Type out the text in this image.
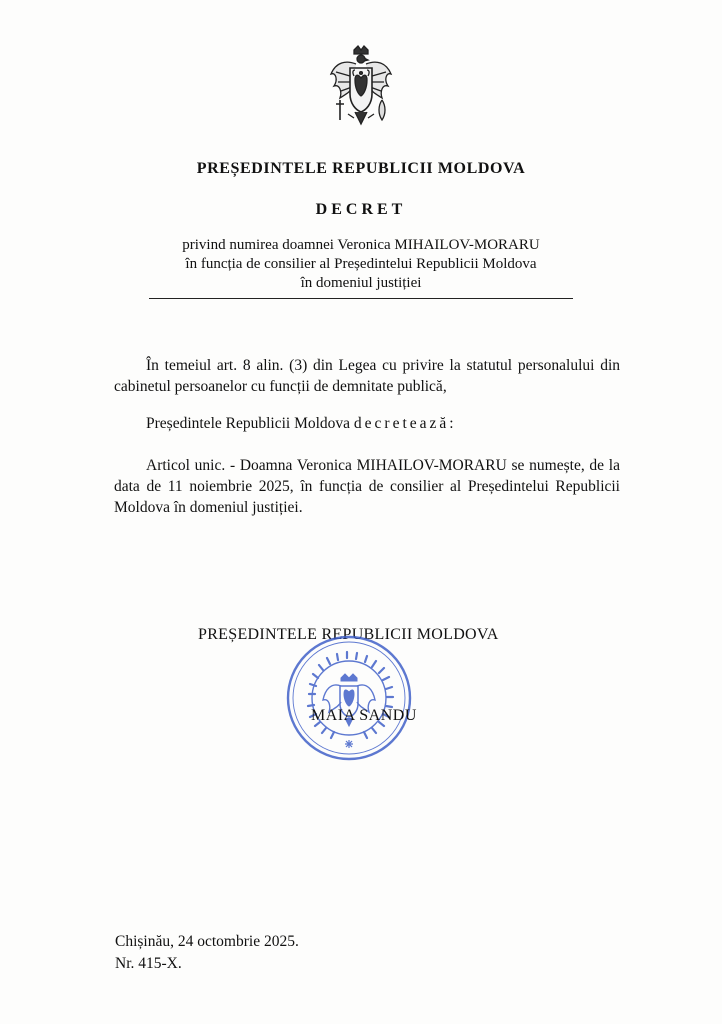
PREȘEDINTELE REPUBLICII MOLDOVA
DECRET
privind numirea doamnei Veronica MIHAILOV-MORARU
în funcția de consilier al Președintelui Republicii Moldova
în domeniul justiției
În temeiul art. 8 alin. (3) din Legea cu privire la statutul personalului din cabinetul persoanelor cu funcții de demnitate publică,
Președintele Republicii Moldova decretează:
Articol unic. - Doamna Veronica MIHAILOV-MORARU se numește, de la data de 11 noiembrie 2025, în funcția de consilier al Președintelui Republicii Moldova în domeniul justiției.
PREȘEDINTELE REPUBLICII MOLDOVA
MAIA SANDU
Chișinău, 24 octombrie 2025.
Nr. 415-X.
